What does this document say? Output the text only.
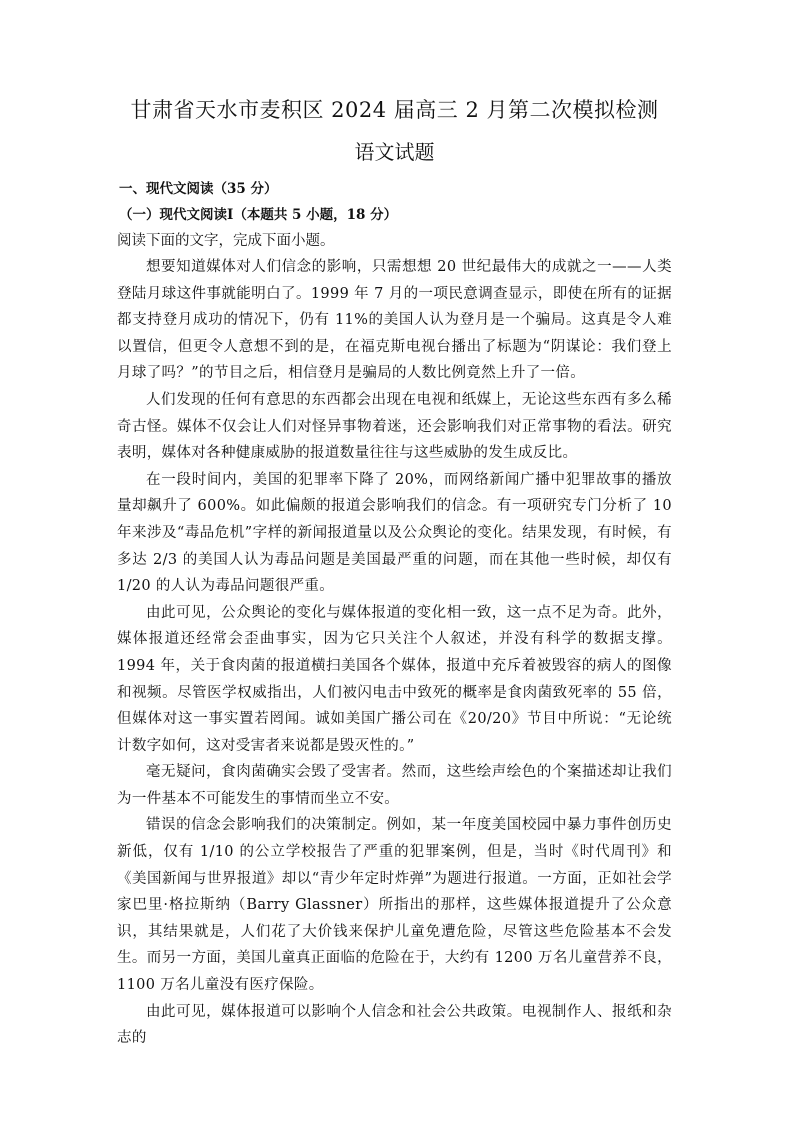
甘肃省天水市麦积区 2024 届高三 2 月第二次模拟检测
语文试题
一、现代文阅读（35 分）
（一）现代文阅读Ⅰ（本题共 5 小题，18 分）
阅读下面的文字，完成下面小题。

想要知道媒体对人们信念的影响，只需想想 20 世纪最伟大的成就之一——人类登陆月球这件事就能明白了。1999 年 7 月的一项民意调查显示，即使在所有的证据都支持登月成功的情况下，仍有 11%的美国人认为登月是一个骗局。这真是令人难以置信，但更令人意想不到的是，在福克斯电视台播出了标题为“阴谋论：我们登上月球了吗？”的节目之后，相信登月是骗局的人数比例竟然上升了一倍。

人们发现的任何有意思的东西都会出现在电视和纸媒上，无论这些东西有多么稀奇古怪。媒体不仅会让人们对怪异事物着迷，还会影响我们对正常事物的看法。研究表明，媒体对各种健康威胁的报道数量往往与这些威胁的发生成反比。

在一段时间内，美国的犯罪率下降了 20%，而网络新闻广播中犯罪故事的播放量却飙升了 600%。如此偏颇的报道会影响我们的信念。有一项研究专门分析了 10 年来涉及“毒品危机”字样的新闻报道量以及公众舆论的变化。结果发现，有时候，有多达 2/3 的美国人认为毒品问题是美国最严重的问题，而在其他一些时候，却仅有 1/20 的人认为毒品问题很严重。

由此可见，公众舆论的变化与媒体报道的变化相一致，这一点不足为奇。此外，媒体报道还经常会歪曲事实，因为它只关注个人叙述，并没有科学的数据支撑。1994 年，关于食肉菌的报道横扫美国各个媒体，报道中充斥着被毁容的病人的图像和视频。尽管医学权威指出，人们被闪电击中致死的概率是食肉菌致死率的 55 倍，但媒体对这一事实置若罔闻。诚如美国广播公司在《20/20》节目中所说：“无论统计数字如何，这对受害者来说都是毁灭性的。”

毫无疑问，食肉菌确实会毁了受害者。然而，这些绘声绘色的个案描述却让我们为一件基本不可能发生的事情而坐立不安。

错误的信念会影响我们的决策制定。例如，某一年度美国校园中暴力事件创历史新低，仅有 1/10 的公立学校报告了严重的犯罪案例，但是，当时《时代周刊》和《美国新闻与世界报道》却以“青少年定时炸弹”为题进行报道。一方面，正如社会学家巴里·格拉斯纳（Barry Glassner）所指出的那样，这些媒体报道提升了公众意识，其结果就是，人们花了大价钱来保护儿童免遭危险，尽管这些危险基本不会发生。而另一方面，美国儿童真正面临的危险在于，大约有 1200 万名儿童营养不良，1100 万名儿童没有医疗保险。

由此可见，媒体报道可以影响个人信念和社会公共政策。电视制作人、报纸和杂志的
